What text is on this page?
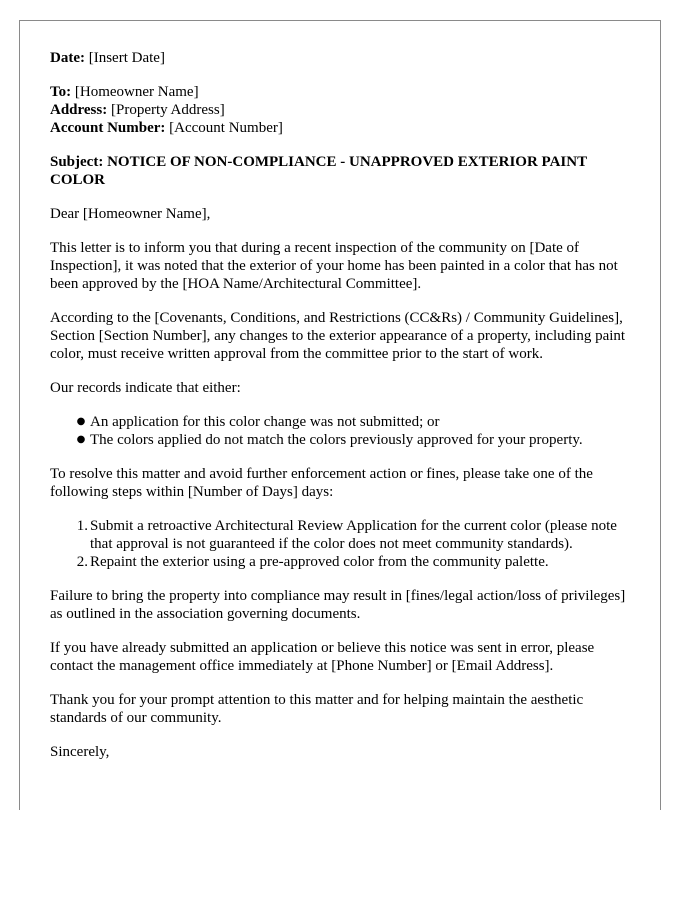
Date: [Insert Date]
To: [Homeowner Name]
Address: [Property Address]
Account Number: [Account Number]

Subject: NOTICE OF NON-COMPLIANCE - UNAPPROVED EXTERIOR PAINT COLOR

Dear [Homeowner Name],

This letter is to inform you that during a recent inspection of the community on [Date of Inspection], it was noted that the exterior of your home has been painted in a color that has not been approved by the [HOA Name/Architectural Committee].

According to the [Covenants, Conditions, and Restrictions (CC&Rs) / Community Guidelines], Section [Section Number], any changes to the exterior appearance of a property, including paint color, must receive written approval from the committee prior to the start of work.

Our records indicate that either:

● An application for this color change was not submitted; or
● The colors applied do not match the colors previously approved for your property.

To resolve this matter and avoid further enforcement action or fines, please take one of the following steps within [Number of Days] days:

1. Submit a retroactive Architectural Review Application for the current color (please note that approval is not guaranteed if the color does not meet community standards).
2. Repaint the exterior using a pre-approved color from the community palette.

Failure to bring the property into compliance may result in [fines/legal action/loss of privileges] as outlined in the association governing documents.

If you have already submitted an application or believe this notice was sent in error, please contact the management office immediately at [Phone Number] or [Email Address].

Thank you for your prompt attention to this matter and for helping maintain the aesthetic standards of our community.

Sincerely,
